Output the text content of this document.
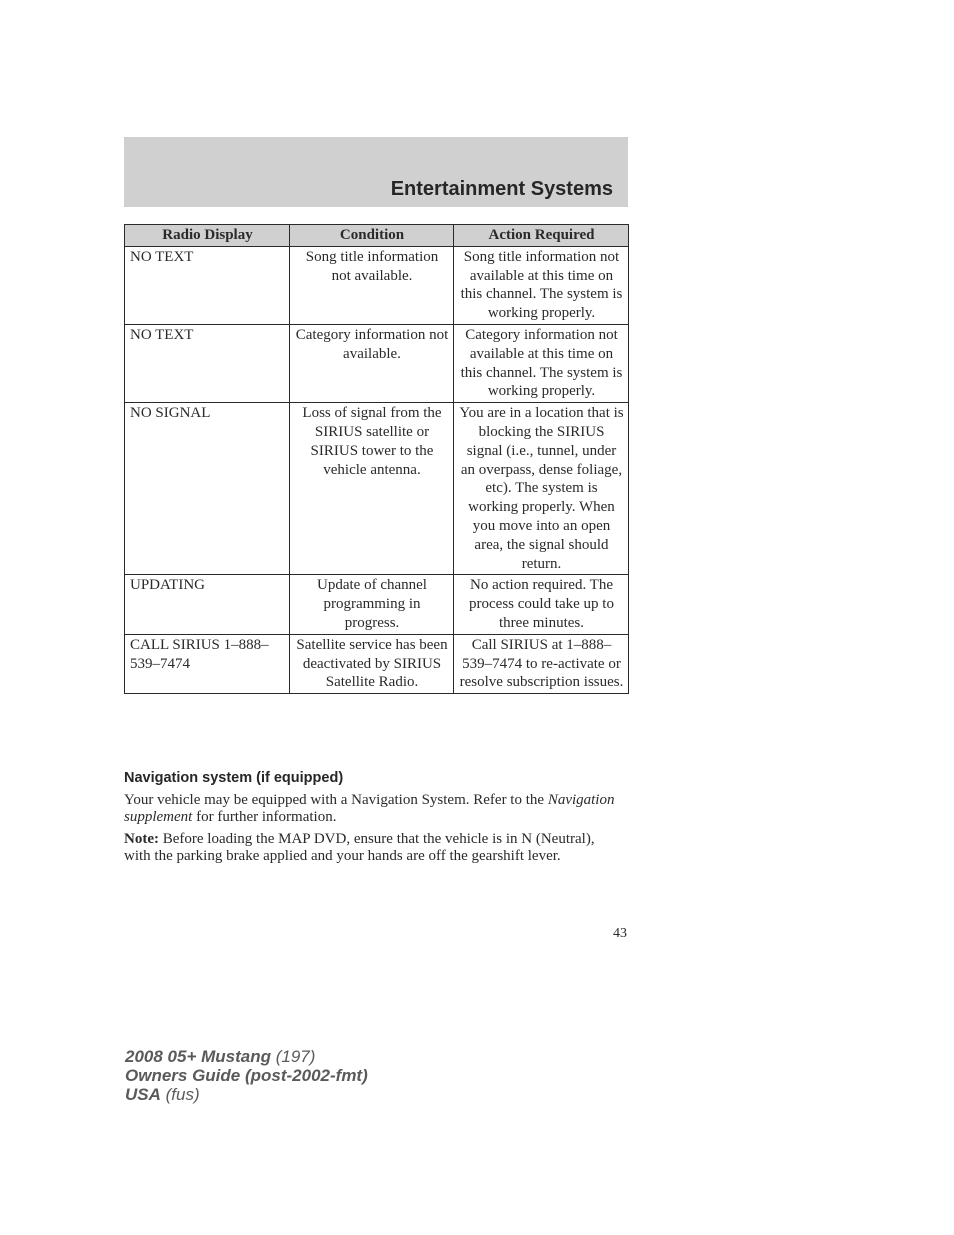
Entertainment Systems
Radio Display	Condition	Action Required
NO TEXT	Song title information not available.	Song title information not available at this time on this channel. The system is working properly.
NO TEXT	Category information not available.	Category information not available at this time on this channel. The system is working properly.
NO SIGNAL	Loss of signal from the SIRIUS satellite or SIRIUS tower to the vehicle antenna.	You are in a location that is blocking the SIRIUS signal (i.e., tunnel, under an overpass, dense foliage, etc). The system is working properly. When you move into an open area, the signal should return.
UPDATING	Update of channel programming in progress.	No action required. The process could take up to three minutes.
CALL SIRIUS 1–888–539–7474	Satellite service has been deactivated by SIRIUS Satellite Radio.	Call SIRIUS at 1–888–539–7474 to re-activate or resolve subscription issues.
Navigation system (if equipped)

Your vehicle may be equipped with a Navigation System. Refer to the Navigation supplement for further information.

Note: Before loading the MAP DVD, ensure that the vehicle is in N (Neutral), with the parking brake applied and your hands are off the gearshift lever.

43
2008 05+ Mustang (197)
Owners Guide (post-2002-fmt)
USA (fus)
